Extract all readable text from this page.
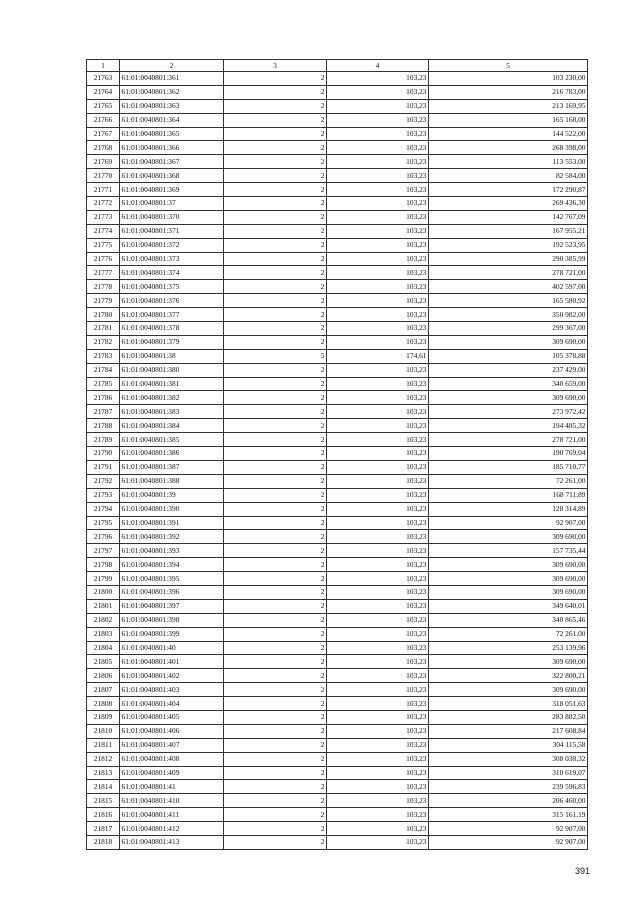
1	2	3	4	5
21763	61:01:0040801:361	2	103,23	103 230,00
21764	61:01:0040801:362	2	103,23	216 783,00
21765	61:01:0040801:363	2	103,23	213 169,95
21766	61:01:0040801:364	2	103,23	165 168,00
21767	61:01:0040801:365	2	103,23	144 522,00
21768	61:01:0040801:366	2	103,23	268 398,00
21769	61:01:0040801:367	2	103,23	113 553,00
21770	61:01:0040801:368	2	103,23	82 584,00
21771	61:01:0040801:369	2	103,23	172 290,87
21772	61:01:0040801:37	2	103,23	269 436,30
21773	61:01:0040801:370	2	103,23	142 767,09
21774	61:01:0040801:371	2	103,23	167 955,21
21775	61:01:0040801:372	2	103,23	192 523,95
21776	61:01:0040801:373	2	103,23	290 385,99
21777	61:01:0040801:374	2	103,23	278 721,00
21778	61:01:0040801:375	2	103,23	402 597,00
21779	61:01:0040801:376	2	103,23	165 580,92
21780	61:01:0040801:377	2	103,23	350 982,00
21781	61:01:0040801:378	2	103,23	299 367,00
21782	61:01:0040801:379	2	103,23	309 690,00
21783	61:01:0040801:38	5	174,61	105 378,88
21784	61:01:0040801:380	2	103,23	237 429,00
21785	61:01:0040801:381	2	103,23	340 659,00
21786	61:01:0040801:382	2	103,23	309 690,00
21787	61:01:0040801:383	2	103,23	273 972,42
21788	61:01:0040801:384	2	103,23	194 485,32
21789	61:01:0040801:385	2	103,23	278 721,00
21790	61:01:0040801:386	2	103,23	190 769,04
21791	61:01:0040801:387	2	103,23	185 710,77
21792	61:01:0040801:388	2	103,23	72 261,00
21793	61:01:0040801:39	2	103,23	168 711,89
21794	61:01:0040801:390	2	103,23	128 314,89
21795	61:01:0040801:391	2	103,23	92 907,00
21796	61:01:0040801:392	2	103,23	309 690,00
21797	61:01:0040801:393	2	103,23	157 735,44
21798	61:01:0040801:394	2	103,23	309 690,00
21799	61:01:0040801:395	2	103,23	309 690,00
21800	61:01:0040801:396	2	103,23	309 690,00
21801	61:01:0040801:397	2	103,23	349 640,01
21802	61:01:0040801:398	2	103,23	340 865,46
21803	61:01:0040801:399	2	103,23	72 261,00
21804	61:01:0040801:40	2	103,23	253 139,96
21805	61:01:0040801:401	2	103,23	309 690,00
21806	61:01:0040801:402	2	103,23	322 800,21
21807	61:01:0040801:403	2	103,23	309 690,00
21808	61:01:0040801:404	2	103,23	318 051,63
21809	61:01:0040801:405	2	103,23	283 882,50
21810	61:01:0040801:406	2	103,23	217 608,84
21811	61:01:0040801:407	2	103,23	304 115,58
21812	61:01:0040801:408	2	103,23	308 038,32
21813	61:01:0040801:409	2	103,23	310 619,07
21814	61:01:0040801:41	2	103,23	239 596,83
21815	61:01:0040801:410	2	103,23	206 460,00
21816	61:01:0040801:411	2	103,23	315 161,19
21817	61:01:0040801:412	2	103,23	92 907,00
21818	61:01:0040801:413	2	103,23	92 907,00
391
